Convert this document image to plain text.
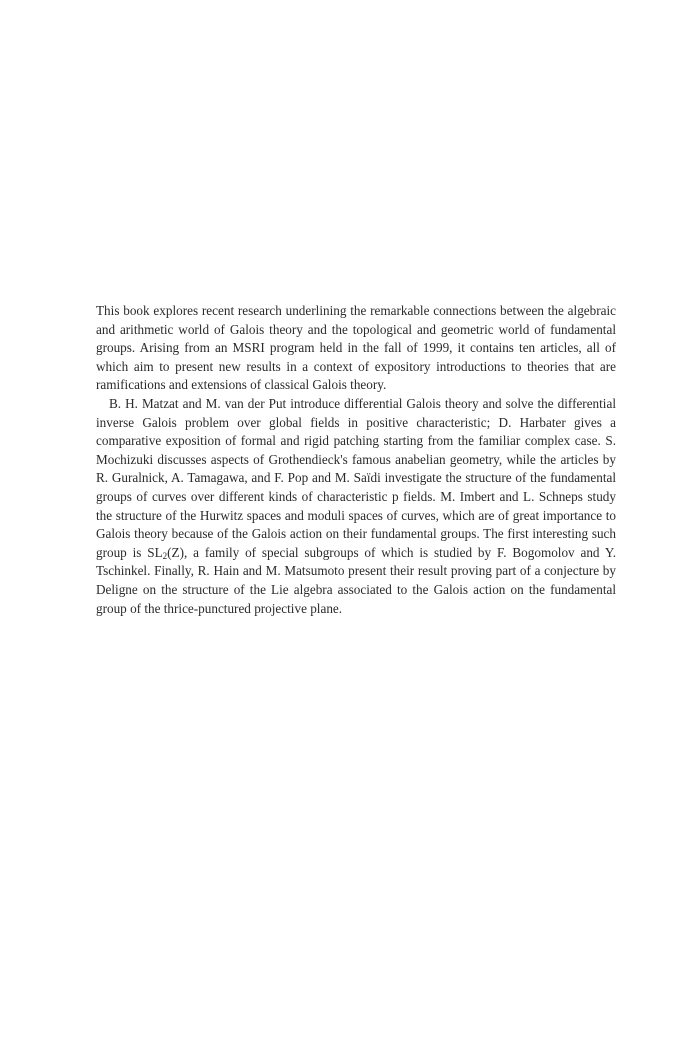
This book explores recent research underlining the remarkable connections between the algebraic and arithmetic world of Galois theory and the topological and geometric world of fundamental groups. Arising from an MSRI program held in the fall of 1999, it contains ten articles, all of which aim to present new results in a context of expository introductions to theories that are ramifications and extensions of classical Galois theory.

B. H. Matzat and M. van der Put introduce differential Galois theory and solve the differential inverse Galois problem over global fields in positive characteristic; D. Harbater gives a comparative exposition of formal and rigid patching starting from the familiar complex case. S. Mochizuki discusses aspects of Grothendieck's famous anabelian geometry, while the articles by R. Guralnick, A. Tamagawa, and F. Pop and M. Saïdi investigate the structure of the fundamental groups of curves over different kinds of characteristic p fields. M. Imbert and L. Schneps study the structure of the Hurwitz spaces and moduli spaces of curves, which are of great importance to Galois theory because of the Galois action on their fundamental groups. The first interesting such group is $SL_2(Z)$, a family of special subgroups of which is studied by F. Bogomolov and Y. Tschinkel. Finally, R. Hain and M. Matsumoto present their result proving part of a conjecture by Deligne on the structure of the Lie algebra associated to the Galois action on the fundamental group of the thrice-punctured projective plane.
